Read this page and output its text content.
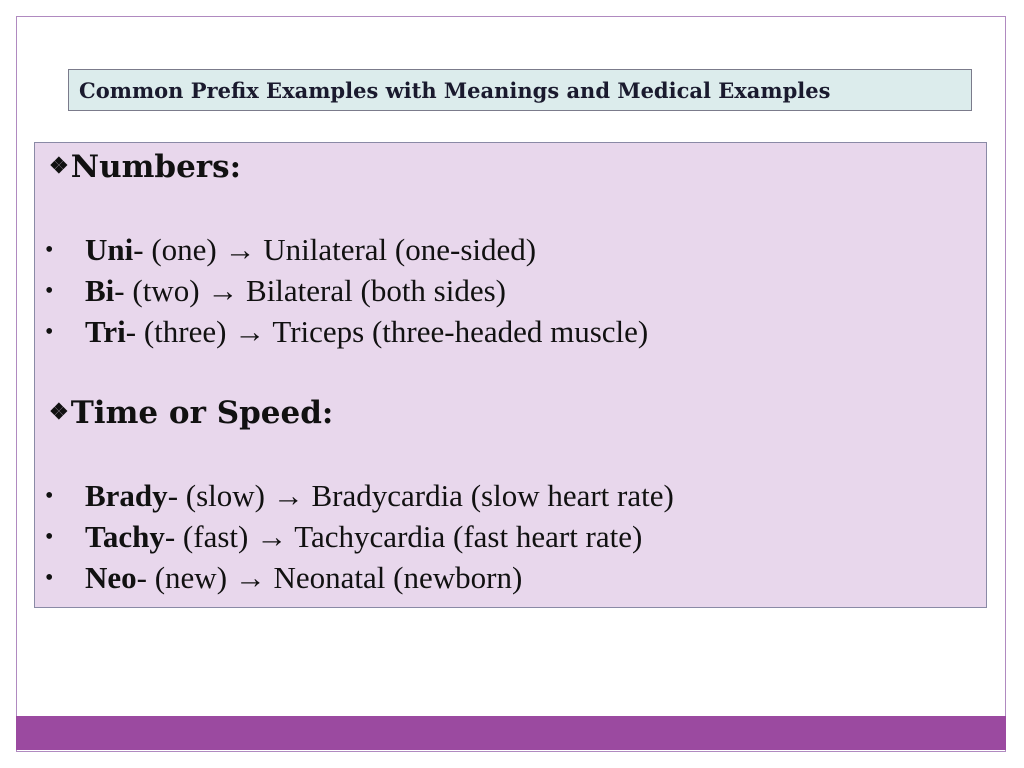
Common Prefix Examples with Meanings and Medical Examples
❖Numbers:
• Uni- (one) → Unilateral (one-sided)
• Bi- (two) → Bilateral (both sides)
• Tri- (three) → Triceps (three-headed muscle)
❖Time or Speed:
• Brady- (slow) → Bradycardia (slow heart rate)
• Tachy- (fast) → Tachycardia (fast heart rate)
• Neo- (new) → Neonatal (newborn)
